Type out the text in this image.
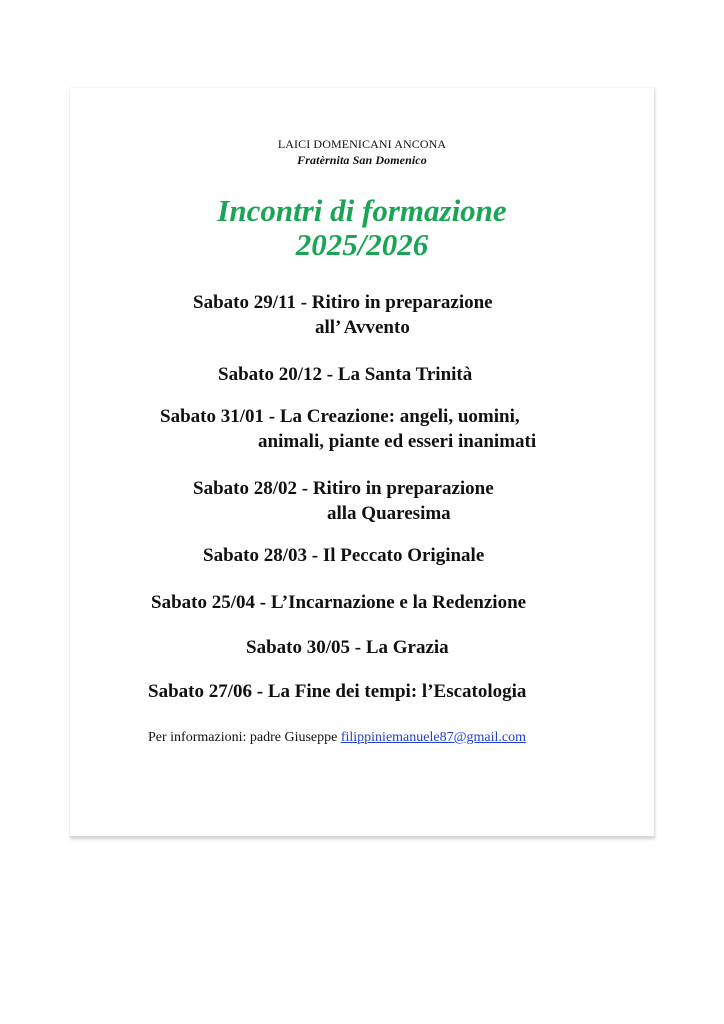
LAICI DOMENICANI ANCONA
Fratèrnita San Domenico
Incontri di formazione
2025/2026
Sabato 29/11 - Ritiro in preparazione
all’ Avvento
Sabato 20/12 - La Santa Trinità
Sabato 31/01 - La Creazione: angeli, uomini,
animali, piante ed esseri inanimati
Sabato 28/02 - Ritiro in preparazione
alla Quaresima
Sabato 28/03 - Il Peccato Originale
Sabato 25/04 - L’Incarnazione e la Redenzione
Sabato 30/05 - La Grazia
Sabato 27/06 - La Fine dei tempi: l’Escatologia
Per informazioni: padre Giuseppe filippiniemanuele87@gmail.com
